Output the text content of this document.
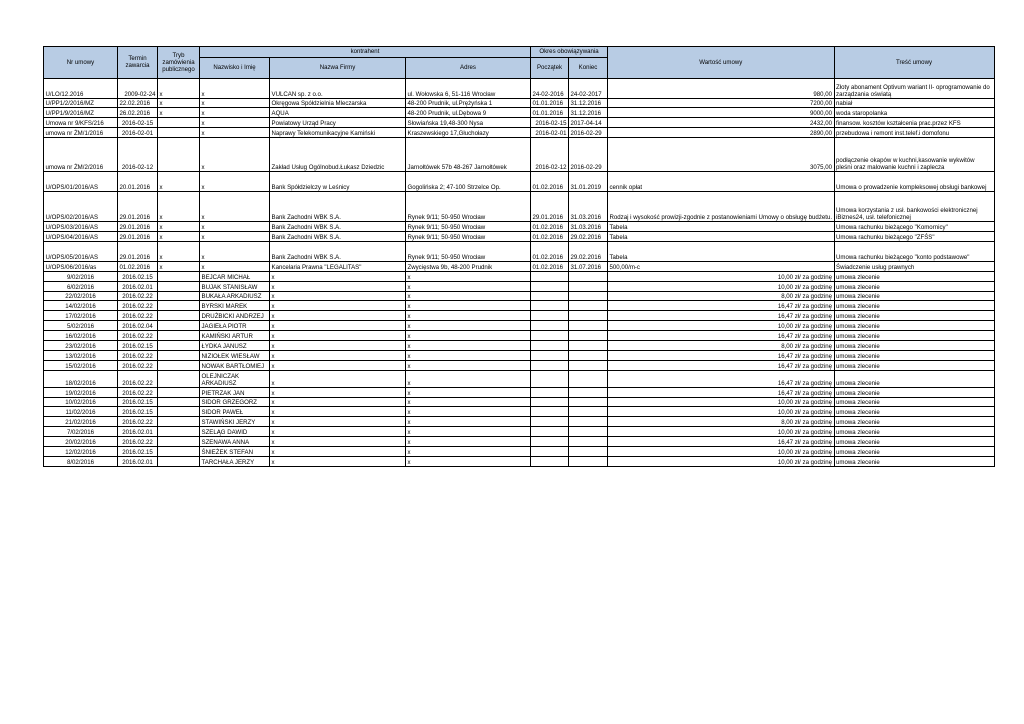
Nr umowy	Termin zawarcia	Tryb zamówienia publicznego	kontrahent			Okres obowiązywania		Wartość umowy	Treść umowy
			Nazwisko i Imię	Nazwa Firmy	Adres	Początek	Koniec		
U/LO/12.2016	2009-02-24	x	x	VULCAN sp. z o.o.	ul. Wołowska 6, 51-116 Wrocław	24-02-2016	24-02-2017	980,00	Złoty abonament Optivum wariant II- oprogramowanie do zarządzania oświatą
U/PP1/2/2016/MZ	22.02.2016	x	x	Okręgowa Spółdzielnia Mleczarska	48-200 Prudnik, ul.Prężyńska 1	01.01.2016	31.12.2016	7200,00	nabiał
U/PP1/9/2016/MZ	26.02.2016	x	x	AQUA	48-200 Prudnik, ul.Dębowa 9	01.01.2016	31.12.2016	9000,00	woda staropolanka
Umowa nr 9/KFS/216	2016-02-15		x	Powiatowy Urząd Pracy	Słowiańska 19,48-300 Nysa	2016-02-15	2017-04-14	2432,00	finansow. kosztów kształcenia prac.przez KFS
umowa nr ŻM/1/2016	2016-02-01		x	Naprawy Telekomunikacyjne Kamiński	Kraszewskiego 17,Głuchołazy	2016-02-01	2016-02-29	2890,00	przebudowa i remont inst.telef.i domofonu
umowa nr ŻM/2/2016	2016-02-12		x	Zakład Usług Ogólnobud.Łukasz Dziedzic	Jarnołtówek 57b 48-267 Jarnołtówek	2016-02-12	2016-02-29	3075,00	podłączenie okapów w kuchni,kasowanie wykwitów pleśni oraz malowanie kuchni i zaplecza
U/OPS/01/2016/AS	20.01.2016	x	x	Bank Spółdzielczy w Leśnicy	Gogolińska 2; 47-100 Strzelce Op.	01.02.2016	31.01.2019	cennik opłat	Umowa o prowadzenie kompleksowej obsługi bankowej
U/OPS/02/2016/AS	29.01.2016	x	x	Bank Zachodni WBK S.A.	Rynek 9/11; 50-950 Wrocław	29.01.2016	31.03.2016	Rodzaj i wysokość prowizji-zgodnie z postanowieniami Umowy o obsługę budżetu.	Umowa korzystania z usł. bankowości elektronicznej iBiznes24, usł. telefonicznej
U/OPS/03/2016/AS	29.01.2016	x	x	Bank Zachodni WBK S.A.	Rynek 9/11; 50-950 Wrocław	01.02.2016	31.03.2016	Tabela	Umowa rachunku bieżącego "Komornicy"
U/OPS/04/2016/AS	29.01.2016	x	x	Bank Zachodni WBK S.A.	Rynek 9/11; 50-950 Wrocław	01.02.2016	29.02.2016	Tabela	Umowa rachunku bieżącego "ZFŚS"
U/OPS/05/2016/AS	29.01.2016	x	x	Bank Zachodni WBK S.A.	Rynek 9/11; 50-950 Wrocław	01.02.2016	29.02.2016	Tabela	Umowa rachunku bieżącego "konto podstawowe"
U/OPS/06/2016/as	01.02.2016	x	x	Kancelaria Prawna "LEGALITAS"	Zwycięstwa 9b, 48-200 Prudnik	01.02.2016	31.07.2016	500,00/m-c	Świadczenie usług prawnych
9/02/2016	2016.02.15		BEJCAR MICHAŁ	x	x			10,00 zł/ za godzinę	umowa zlecenie
6/02/2016	2016.02.01		BUJAK STANISŁAW	x	x			10,00 zł/ za godzinę	umowa zlecenie
22/02/2016	2016.02.22		BUKAŁA ARKADIUSZ	x	x			8,00 zł/ za godzinę	umowa zlecenie
14/02/2016	2016.02.22		BYRSKI MAREK	x	x			16,47 zł/ za godzinę	umowa zlecenie
17/02/2016	2016.02.22		DRUŻBICKI ANDRZEJ	x	x			16,47 zł/ za godzinę	umowa zlecenie
5/02/2016	2016.02.04		JAGIEŁA PIOTR	x	x			10,00 zł/ za godzinę	umowa zlecenie
16/02/2016	2016.02.22		KAMIŃSKI ARTUR	x	x			16,47 zł/ za godzinę	umowa zlecenie
23/02/2016	2016.02.15		ŁYDKA JANUSZ	x	x			8,00 zł/ za godzinę	umowa zlecenie
13/02/2016	2016.02.22		NIZIOŁEK WIESŁAW	x	x			16,47 zł/ za godzinę	umowa zlecenie
15/02/2016	2016.02.22		NOWAK BARTŁOMIEJ	x	x			16,47 zł/ za godzinę	umowa zlecenie
18/02/2016	2016.02.22		OLEJNICZAK ARKADIUSZ	x	x			16,47 zł/ za godzinę	umowa zlecenie
19/02/2016	2016.02.22		PIETRZAK JAN	x	x			16,47 zł/ za godzinę	umowa zlecenie
10/02/2016	2016.02.15		SIDOR GRZEGORZ	x	x			10,00 zł/ za godzinę	umowa zlecenie
11/02/2016	2016.02.15		SIDOR PAWEŁ	x	x			10,00 zł/ za godzinę	umowa zlecenie
21/02/2016	2016.02.22		STAWIŃSKI JERZY	x	x			8,00 zł/ za godzinę	umowa zlecenie
7/02/2016	2016.02.01		SZELĄG DAWID	x	x			10,00 zł/ za godzinę	umowa zlecenie
20/02/2016	2016.02.22		SZENAWA ANNA	x	x			16,47 zł/ za godzinę	umowa zlecenie
12/02/2016	2016.02.15		ŚNIEŻEK STEFAN	x	x			10,00 zł/ za godzinę	umowa zlecenie
8/02/2016	2016.02.01		TARCHAŁA JERZY	x	x			10,00 zł/ za godzinę	umowa zlecenie
